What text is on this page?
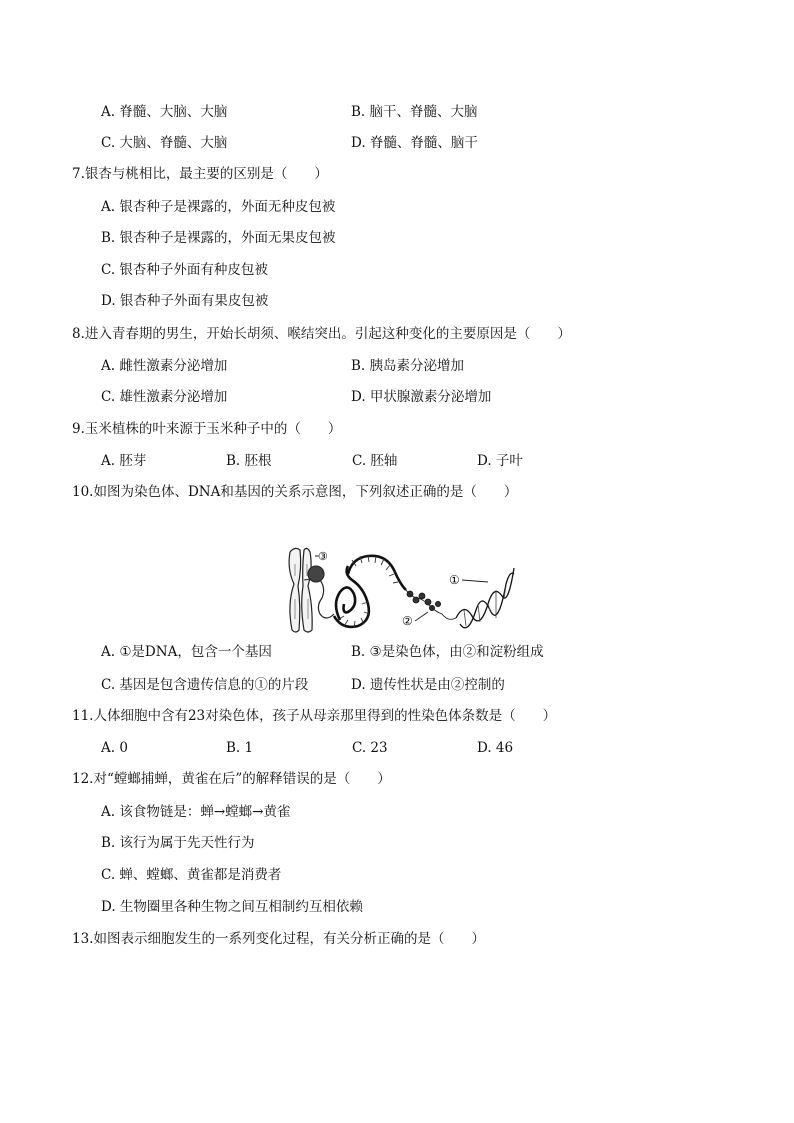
A. 脊髓、大脑、大脑	B. 脑干、脊髓、大脑
C. 大脑、脊髓、大脑	D. 脊髓、脊髓、脑干
7.银杏与桃相比，最主要的区别是（　　）
A. 银杏种子是裸露的，外面无种皮包被
B. 银杏种子是裸露的，外面无果皮包被
C. 银杏种子外面有种皮包被
D. 银杏种子外面有果皮包被
8.进入青春期的男生，开始长胡须、喉结突出。引起这种变化的主要原因是（　　）
A. 雌性激素分泌增加	B. 胰岛素分泌增加
C. 雄性激素分泌增加	D. 甲状腺激素分泌增加
9.玉米植株的叶来源于玉米种子中的（　　）
A. 胚芽	B. 胚根	C. 胚轴	D. 子叶
10.如图为染色体、DNA和基因的关系示意图，下列叙述正确的是（　　）
③
①
②
A. ①是DNA，包含一个基因	B. ③是染色体，由②和淀粉组成
C. 基因是包含遗传信息的①的片段	D. 遗传性状是由②控制的
11.人体细胞中含有23对染色体，孩子从母亲那里得到的性染色体条数是（　　）
A. 0	B. 1	C. 23	D. 46
12.对“螳螂捕蝉，黄雀在后”的解释错误的是（　　）
A. 该食物链是：蝉→螳螂→黄雀
B. 该行为属于先天性行为
C. 蝉、螳螂、黄雀都是消费者
D. 生物圈里各种生物之间互相制约互相依赖
13.如图表示细胞发生的一系列变化过程，有关分析正确的是（　　）
